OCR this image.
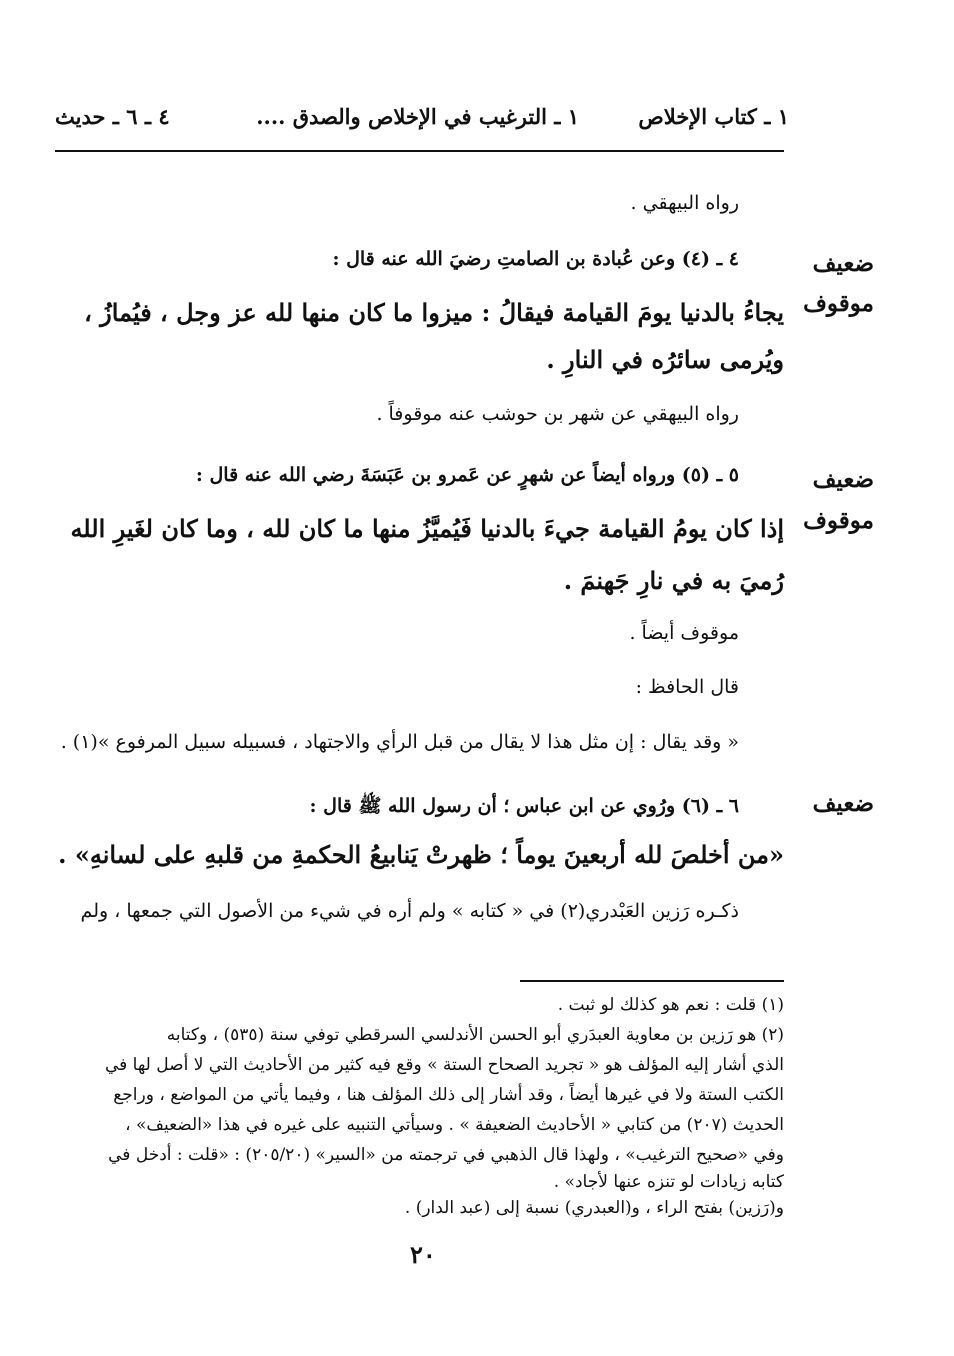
١ ـ كتاب الإخلاص
١ ـ الترغيب في الإخلاص والصدق ....
٤ ـ ٦ ـ حديث
رواه البيهقي .
ضعيف
موقوف
٤ ـ (٤) وعن عُبادة بن الصامتِ رضيَ الله عنه قال :
يجاءُ بالدنيا يومَ القيامة فيقالُ : ميزوا ما كان منها لله عز وجل ، فيُمازُ ،
ويُرمى سائرُه في النارِ .
رواه البيهقي عن شهر بن حوشب عنه موقوفاً .
ضعيف
موقوف
٥ ـ (٥) ورواه أيضاً عن شهرٍ عن عَمرو بن عَبَسَةَ رضي الله عنه قال :
إذا كان يومُ القيامة جيءَ بالدنيا فَيُميَّزُ منها ما كان لله ، وما كان لغَيرِ الله
رُميَ به في نارِ جَهنمَ .
موقوف أيضاً .
قال الحافظ :
« وقد يقال : إن مثل هذا لا يقال من قبل الرأي والاجتهاد ، فسبيله سبيل المرفوع »(١) .
ضعيف
٦ ـ (٦) ورُوي عن ابن عباس ؛ أن رسول الله ﷺ قال :
«من أخلصَ لله أربعينَ يوماً ؛ ظهرتْ يَنابيعُ الحكمةِ من قلبهِ على لسانهِ» .
ذكـره رَزين العَبْدري(٢) في « كتابه » ولم أره في شيء من الأصول التي جمعها ، ولم
(١) قلت : نعم هو كذلك لو ثبت .
(٢) هو رَزين بن معاوية العبدَري أبو الحسن الأندلسي السرقطي توفي سنة (٥٣٥) ، وكتابه
الذي أشار إليه المؤلف هو « تجريد الصحاح الستة » وقع فيه كثير من الأحاديث التي لا أصل لها في
الكتب الستة ولا في غيرها أيضاً ، وقد أشار إلى ذلك المؤلف هنا ، وفيما يأتي من المواضع ، وراجع
الحديث (٢٠٧) من كتابي « الأحاديث الضعيفة » . وسيأتي التنبيه على غيره في هذا «الضعيف» ،
وفي «صحيح الترغيب» ، ولهذا قال الذهبي في ترجمته من «السير» (٢٠٥/٢٠) : «قلت : أدخل في
كتابه زيادات لو تنزه عنها لأجاد» .
و(رَزين) بفتح الراء ، و(العبدري) نسبة إلى (عبد الدار) .
٢٠
